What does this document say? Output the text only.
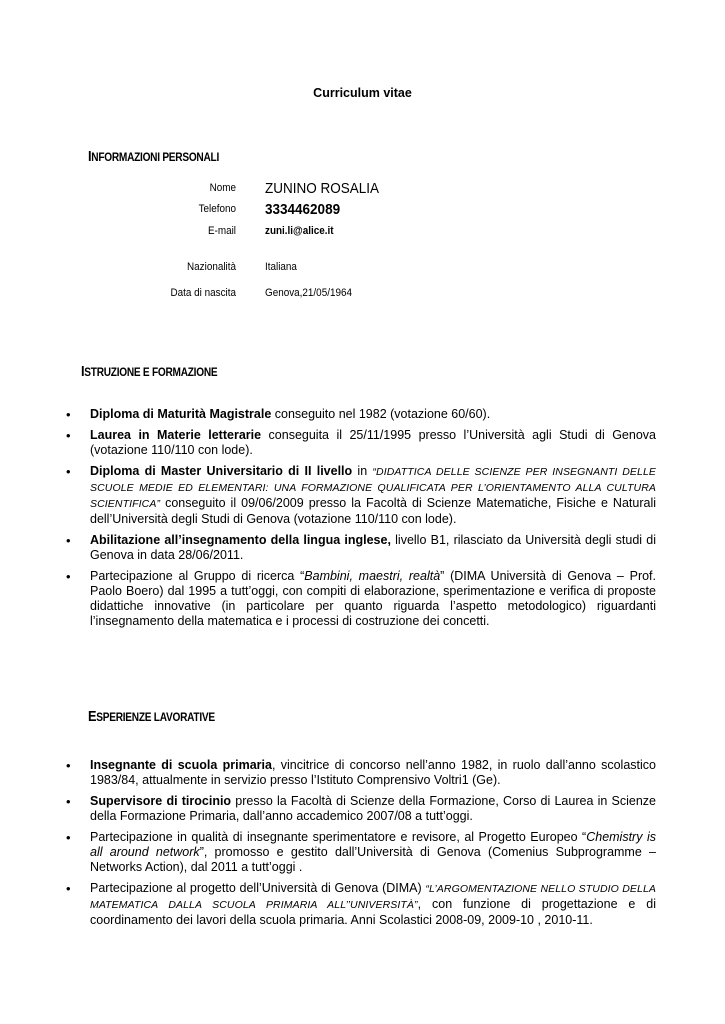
Curriculum vitae
INFORMAZIONI PERSONALI
Nome ZUNINO ROSALIA
Telefono 3334462089
E-mail	zuni.li@alice.it
Nazionalità	Italiana
Data di nascita	Genova,21/05/1964
ISTRUZIONE E FORMAZIONE
• Diploma di Maturità Magistrale conseguito nel 1982 (votazione 60/60).
• Laurea in Materie letterarie conseguita il 25/11/1995 presso l’Università agli Studi di Genova (votazione 110/110 con lode).
• Diploma di Master Universitario di II livello in “DIDATTICA DELLE SCIENZE PER INSEGNANTI DELLE SCUOLE MEDIE ED ELEMENTARI: UNA FORMAZIONE QUALIFICATA PER L’ORIENTAMENTO ALLA CULTURA SCIENTIFICA” conseguito il 09/06/2009 presso la Facoltà di Scienze Matematiche, Fisiche e Naturali dell’Università degli Studi di Genova (votazione 110/110 con lode).
• Abilitazione all’insegnamento della lingua inglese, livello B1, rilasciato da Università degli studi di Genova in data 28/06/2011.
• Partecipazione al Gruppo di ricerca “Bambini, maestri, realtà” (DIMA Università di Genova – Prof. Paolo Boero) dal 1995 a tutt’oggi, con compiti di elaborazione, sperimentazione e verifica di proposte didattiche innovative (in particolare per quanto riguarda l’aspetto metodologico) riguardanti l’insegnamento della matematica e i processi di costruzione dei concetti.
ESPERIENZE LAVORATIVE
• Insegnante di scuola primaria, vincitrice di concorso nell’anno 1982, in ruolo dall’anno scolastico 1983/84, attualmente in servizio presso l’Istituto Comprensivo Voltri1 (Ge).
• Supervisore di tirocinio presso la Facoltà di Scienze della Formazione, Corso di Laurea in Scienze della Formazione Primaria, dall’anno accademico 2007/08 a tutt’oggi.
• Partecipazione in qualità di insegnante sperimentatore e revisore, al Progetto Europeo “Chemistry is all around network”, promosso e gestito dall’Università di Genova (Comenius Subprogramme – Networks Action), dal 2011 a tutt’oggi .
• Partecipazione al progetto dell’Università di Genova (DIMA) “L’ARGOMENTAZIONE NELLO STUDIO DELLA MATEMATICA DALLA SCUOLA PRIMARIA ALL’’UNIVERSITÀ”, con funzione di progettazione e di coordinamento dei lavori della scuola primaria. Anni Scolastici 2008-09, 2009-10 , 2010-11.
